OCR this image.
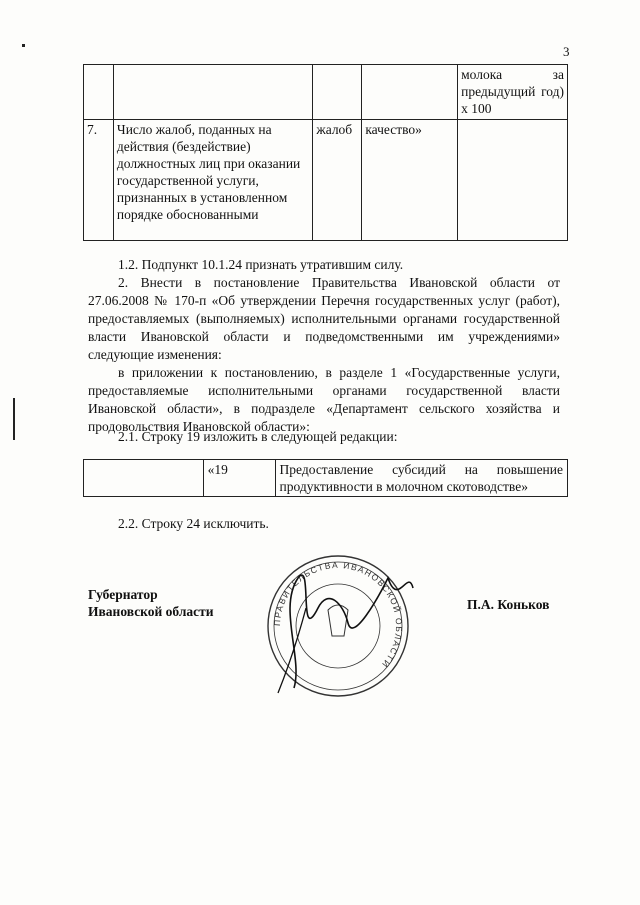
3
				молока за предыдущий год) х 100
7.	Число жалоб, поданных на действия (бездействие) должностных лиц при оказании государственной услуги, признанных в установленном порядке обоснованными	жалоб	качество»	

1.2. Подпункт 10.1.24 признать утратившим силу.

2. Внести в постановление Правительства Ивановской области от 27.06.2008 № 170-п «Об утверждении Перечня государственных услуг (работ), предоставляемых (выполняемых) исполнительными органами государственной власти Ивановской области и подведомственными им учреждениями» следующие изменения:

в приложении к постановлению, в разделе 1 «Государственные услуги, предоставляемые исполнительными органами государственной власти Ивановской области», в подразделе «Департамент сельского хозяйства и продовольствия Ивановской области»:

2.1. Строку 19 изложить в следующей редакции:

	«19	Предоставление субсидий на повышение продуктивности в молочном скотоводстве»

2.2. Строку 24 исключить.

Губернатор
Ивановской области
ПРАВИТЕЛЬСТВА ИВАНОВСКОЙ ОБЛАСТИ
П.А. Коньков
